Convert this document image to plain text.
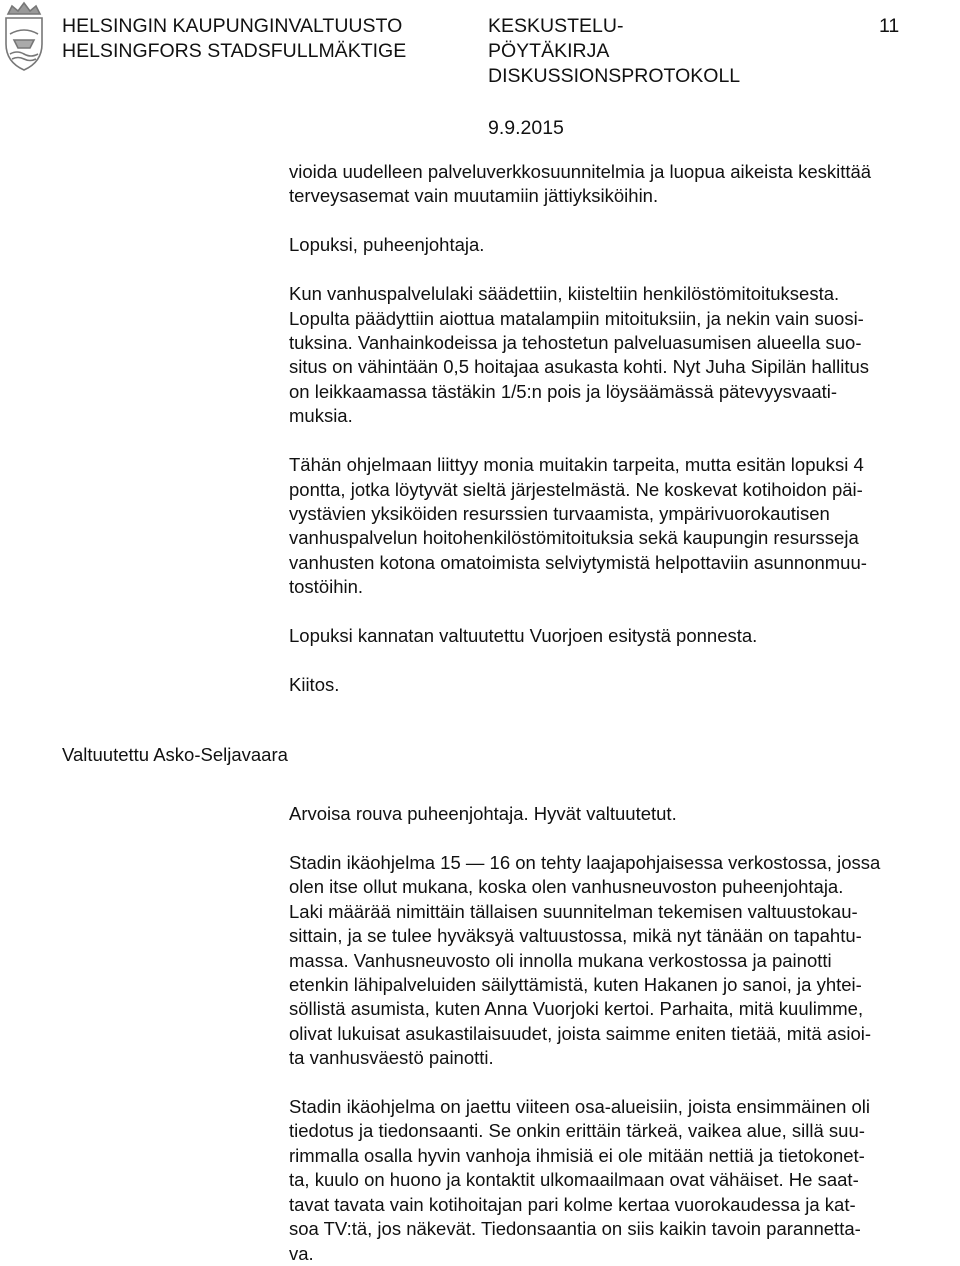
HELSINGIN KAUPUNGINVALTUUSTO
HELSINGFORS STADSFULLMÄKTIGE
KESKUSTELU-
PÖYTÄKIRJA
DISKUSSIONSPROTOKOLL
9.9.2015
11

vioida uudelleen palveluverkkosuunnitelmia ja luopua aikeista keskittää

terveysasemat vain muutamiin jättiyksiköihin.

Lopuksi, puheenjohtaja.

Kun vanhuspalvelulaki säädettiin, kiisteltiin henkilöstömitoituksesta.

Lopulta päädyttiin aiottua matalampiin mitoituksiin, ja nekin vain suosi-

tuksina. Vanhainkodeissa ja tehostetun palveluasumisen alueella suo-

situs on vähintään 0,5 hoitajaa asukasta kohti. Nyt Juha Sipilän hallitus

on leikkaamassa tästäkin 1/5:n pois ja löysäämässä pätevyysvaati-

muksia.

Tähän ohjelmaan liittyy monia muitakin tarpeita, mutta esitän lopuksi 4

pontta, jotka löytyvät sieltä järjestelmästä. Ne koskevat kotihoidon päi-

vystävien yksiköiden resurssien turvaamista, ympärivuorokautisen

vanhuspalvelun hoitohenkilöstömitoituksia sekä kaupungin resursseja

vanhusten kotona omatoimista selviytymistä helpottaviin asunnonmuu-

tostöihin.

Lopuksi kannatan valtuutettu Vuorjoen esitystä ponnesta.

Kiitos.

Valtuutettu Asko-Seljavaara

Arvoisa rouva puheenjohtaja. Hyvät valtuutetut.

Stadin ikäohjelma 15 — 16 on tehty laajapohjaisessa verkostossa, jossa

olen itse ollut mukana, koska olen vanhusneuvoston puheenjohtaja.

Laki määrää nimittäin tällaisen suunnitelman tekemisen valtuustokau-

sittain, ja se tulee hyväksyä valtuustossa, mikä nyt tänään on tapahtu-

massa. Vanhusneuvosto oli innolla mukana verkostossa ja painotti

etenkin lähipalveluiden säilyttämistä, kuten Hakanen jo sanoi, ja yhtei-

söllistä asumista, kuten Anna Vuorjoki kertoi. Parhaita, mitä kuulimme,

olivat lukuisat asukastilaisuudet, joista saimme eniten tietää, mitä asioi-

ta vanhusväestö painotti.

Stadin ikäohjelma on jaettu viiteen osa-alueisiin, joista ensimmäinen oli

tiedotus ja tiedonsaanti. Se onkin erittäin tärkeä, vaikea alue, sillä suu-

rimmalla osalla hyvin vanhoja ihmisiä ei ole mitään nettiä ja tietokonet-

ta, kuulo on huono ja kontaktit ulkomaailmaan ovat vähäiset. He saat-

tavat tavata vain kotihoitajan pari kolme kertaa vuorokaudessa ja kat-

soa TV:tä, jos näkevät. Tiedonsaantia on siis kaikin tavoin parannetta-

va.
